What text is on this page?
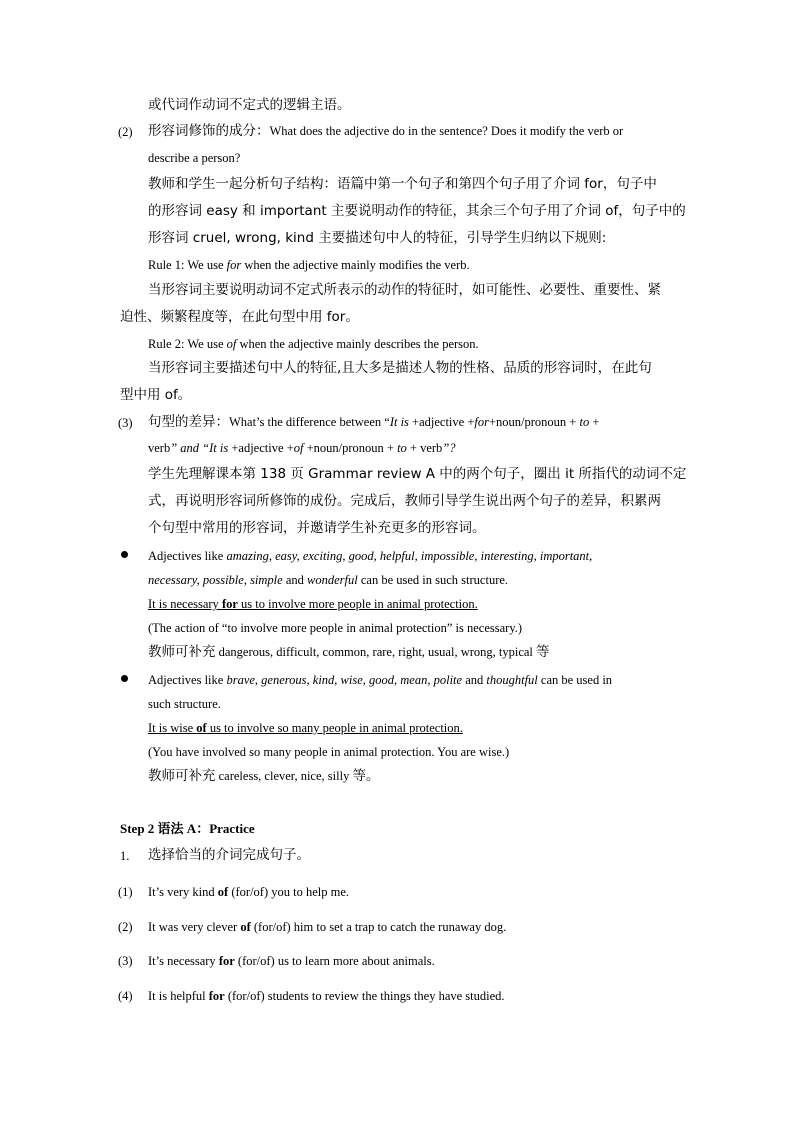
或代词作动词不定式的逻辑主语。
(2) 形容词修饰的成分：What does the adjective do in the sentence? Does it modify the verb or
describe a person?
教师和学生一起分析句子结构：语篇中第一个句子和第四个句子用了介词 for，句子中
的形容词 easy 和 important 主要说明动作的特征，其余三个句子用了介词 of，句子中的
形容词 cruel, wrong, kind 主要描述句中人的特征，引导学生归纳以下规则:
Rule 1: We use for when the adjective mainly modifies the verb.
当形容词主要说明动词不定式所表示的动作的特征时，如可能性、必要性、重要性、紧
迫性、频繁程度等，在此句型中用 for。
Rule 2: We use of when the adjective mainly describes the person.
当形容词主要描述句中人的特征,且大多是描述人物的性格、品质的形容词时，在此句
型中用 of。
(3) 句型的差异：What’s the difference between “It is +adjective +for+noun/pronoun + to +
verb” and “It is +adjective +of +noun/pronoun + to + verb”?
学生先理解课本第 138 页 Grammar review A 中的两个句子，圈出 it 所指代的动词不定
式，再说明形容词所修饰的成份。完成后，教师引导学生说出两个句子的差异，积累两
个句型中常用的形容词，并邀请学生补充更多的形容词。
Adjectives like amazing, easy, exciting, good, helpful, impossible, interesting, important,
necessary, possible, simple and wonderful can be used in such structure.
It is necessary for us to involve more people in animal protection.
(The action of “to involve more people in animal protection” is necessary.)
教师可补充 dangerous, difficult, common, rare, right, usual, wrong, typical 等
Adjectives like brave, generous, kind, wise, good, mean, polite and thoughtful can be used in
such structure.
It is wise of us to involve so many people in animal protection.
(You have involved so many people in animal protection. You are wise.)
教师可补充 careless, clever, nice, silly 等。
Step 2 语法 A：Practice
1. 选择恰当的介词完成句子。
(1) It’s very kind of (for/of) you to help me.
(2) It was very clever of (for/of) him to set a trap to catch the runaway dog.
(3) It’s necessary for (for/of) us to learn more about animals.
(4) It is helpful for (for/of) students to review the things they have studied.
